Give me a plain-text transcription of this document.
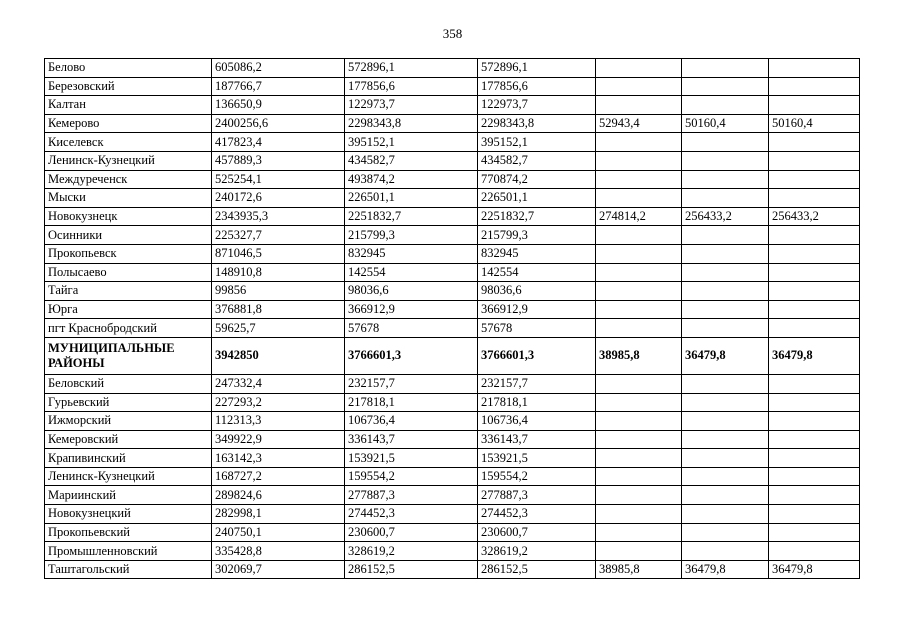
358
Белово	605086,2	572896,1	572896,1			
Березовский	187766,7	177856,6	177856,6			
Калтан	136650,9	122973,7	122973,7			
Кемерово	2400256,6	2298343,8	2298343,8	52943,4	50160,4	50160,4
Киселевск	417823,4	395152,1	395152,1			
Ленинск-Кузнецкий	457889,3	434582,7	434582,7			
Междуреченск	525254,1	493874,2	770874,2			
Мыски	240172,6	226501,1	226501,1			
Новокузнецк	2343935,3	2251832,7	2251832,7	274814,2	256433,2	256433,2
Осинники	225327,7	215799,3	215799,3			
Прокопьевск	871046,5	832945	832945			
Полысаево	148910,8	142554	142554			
Тайга	99856	98036,6	98036,6			
Юрга	376881,8	366912,9	366912,9			
пгт Краснобродский	59625,7	57678	57678			
МУНИЦИПАЛЬНЫЕ РАЙОНЫ	3942850	3766601,3	3766601,3	38985,8	36479,8	36479,8
Беловский	247332,4	232157,7	232157,7			
Гурьевский	227293,2	217818,1	217818,1			
Ижморский	112313,3	106736,4	106736,4			
Кемеровский	349922,9	336143,7	336143,7			
Крапивинский	163142,3	153921,5	153921,5			
Ленинск-Кузнецкий	168727,2	159554,2	159554,2			
Мариинский	289824,6	277887,3	277887,3			
Новокузнецкий	282998,1	274452,3	274452,3			
Прокопьевский	240750,1	230600,7	230600,7			
Промышленновский	335428,8	328619,2	328619,2			
Таштагольский	302069,7	286152,5	286152,5	38985,8	36479,8	36479,8
